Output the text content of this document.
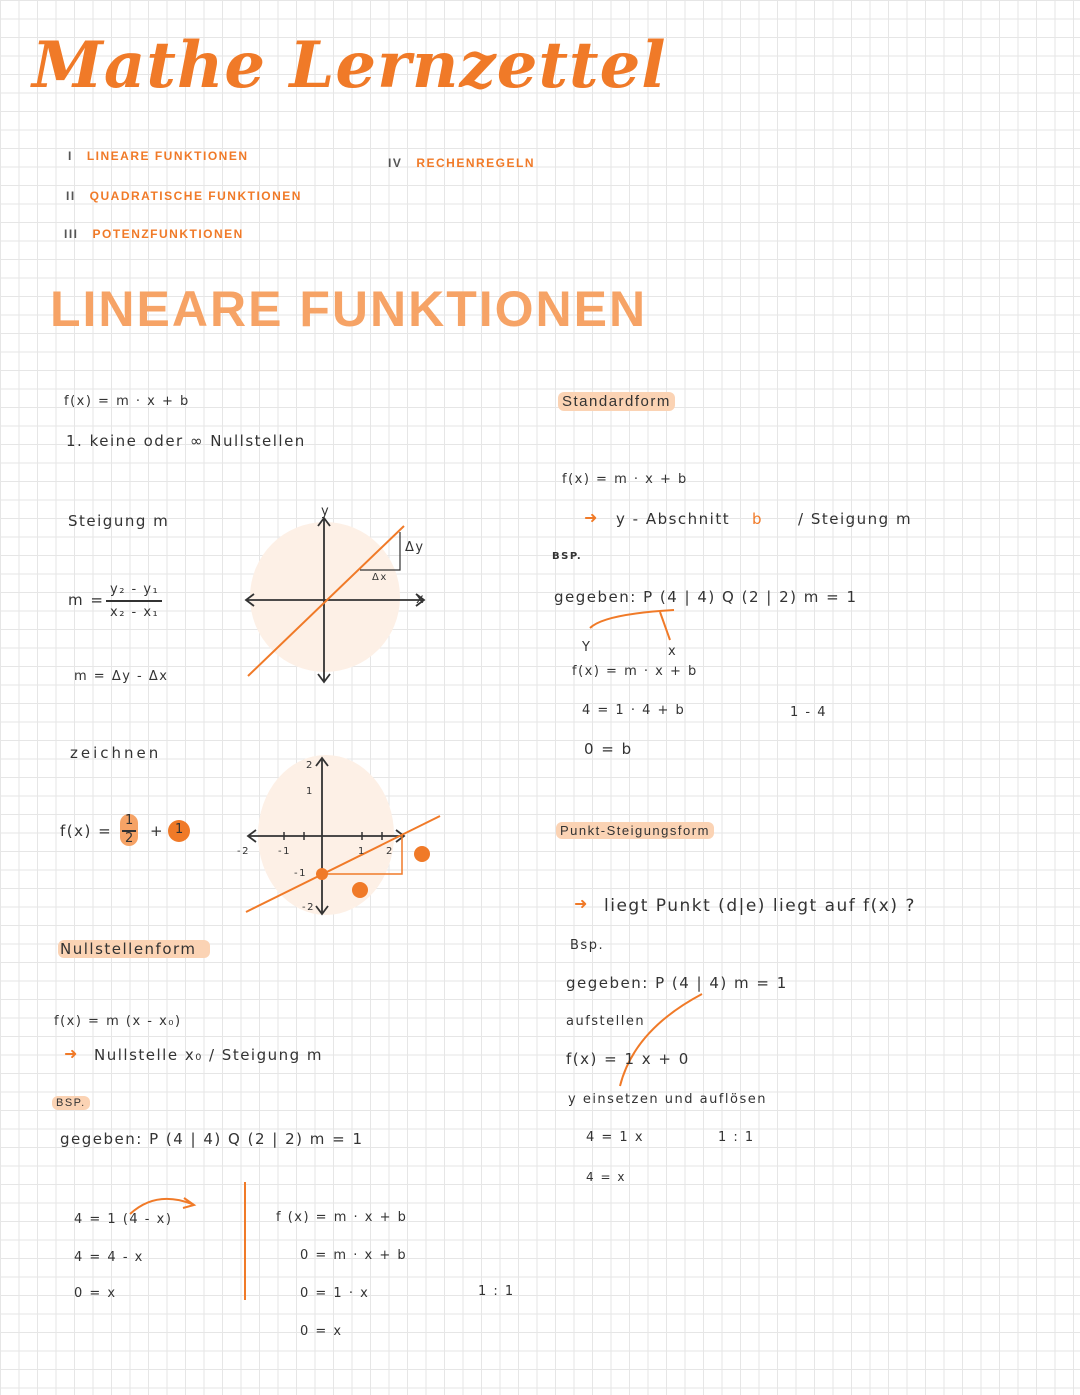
Mathe Lernzettel
I LINEARE FUNKTIONEN
II QUADRATISCHE FUNKTIONEN
III POTENZFUNKTIONEN
IV RECHENREGELN
LINEARE FUNKTIONEN
f(x) = m · x + b
1. keine oder ∞ Nullstellen
Steigung m
m =
y₂ - y₁
x₂ - x₁
m = Δy - Δx
zeichnen
f(x) =
1
2 + 1
Nullstellenform
f(x) = m (x - x₀)
➜ Nullstelle x₀ / Steigung m
BSP.
gegeben: P (4 | 4) Q (2 | 2) m = 1
4 = 1 (4 - x)
4 = 4 - x
0 = x
f (x) = m · x + b
0 = m · x + b
0 = 1 · x
0 = x
1 : 1
y
x
Δx
Δy
-2	-1	1 2
2
1
-1
-2
Standardform
f(x) = m · x + b
➜ y - Abschnitt b / Steigung m
BSP.
gegeben: P (4 | 4) Q (2 | 2) m = 1
Y	x
f(x) = m · x + b
4 = 1 · 4 + b
0 = b
1 - 4
Punkt-Steigungsform
➜ liegt Punkt (d|e) liegt auf f(x) ?
Bsp.
gegeben: P (4 | 4) m = 1
aufstellen
f(x) = 1 x + 0
y einsetzen und auflösen
4 = 1 x	1 : 1
4 = x
